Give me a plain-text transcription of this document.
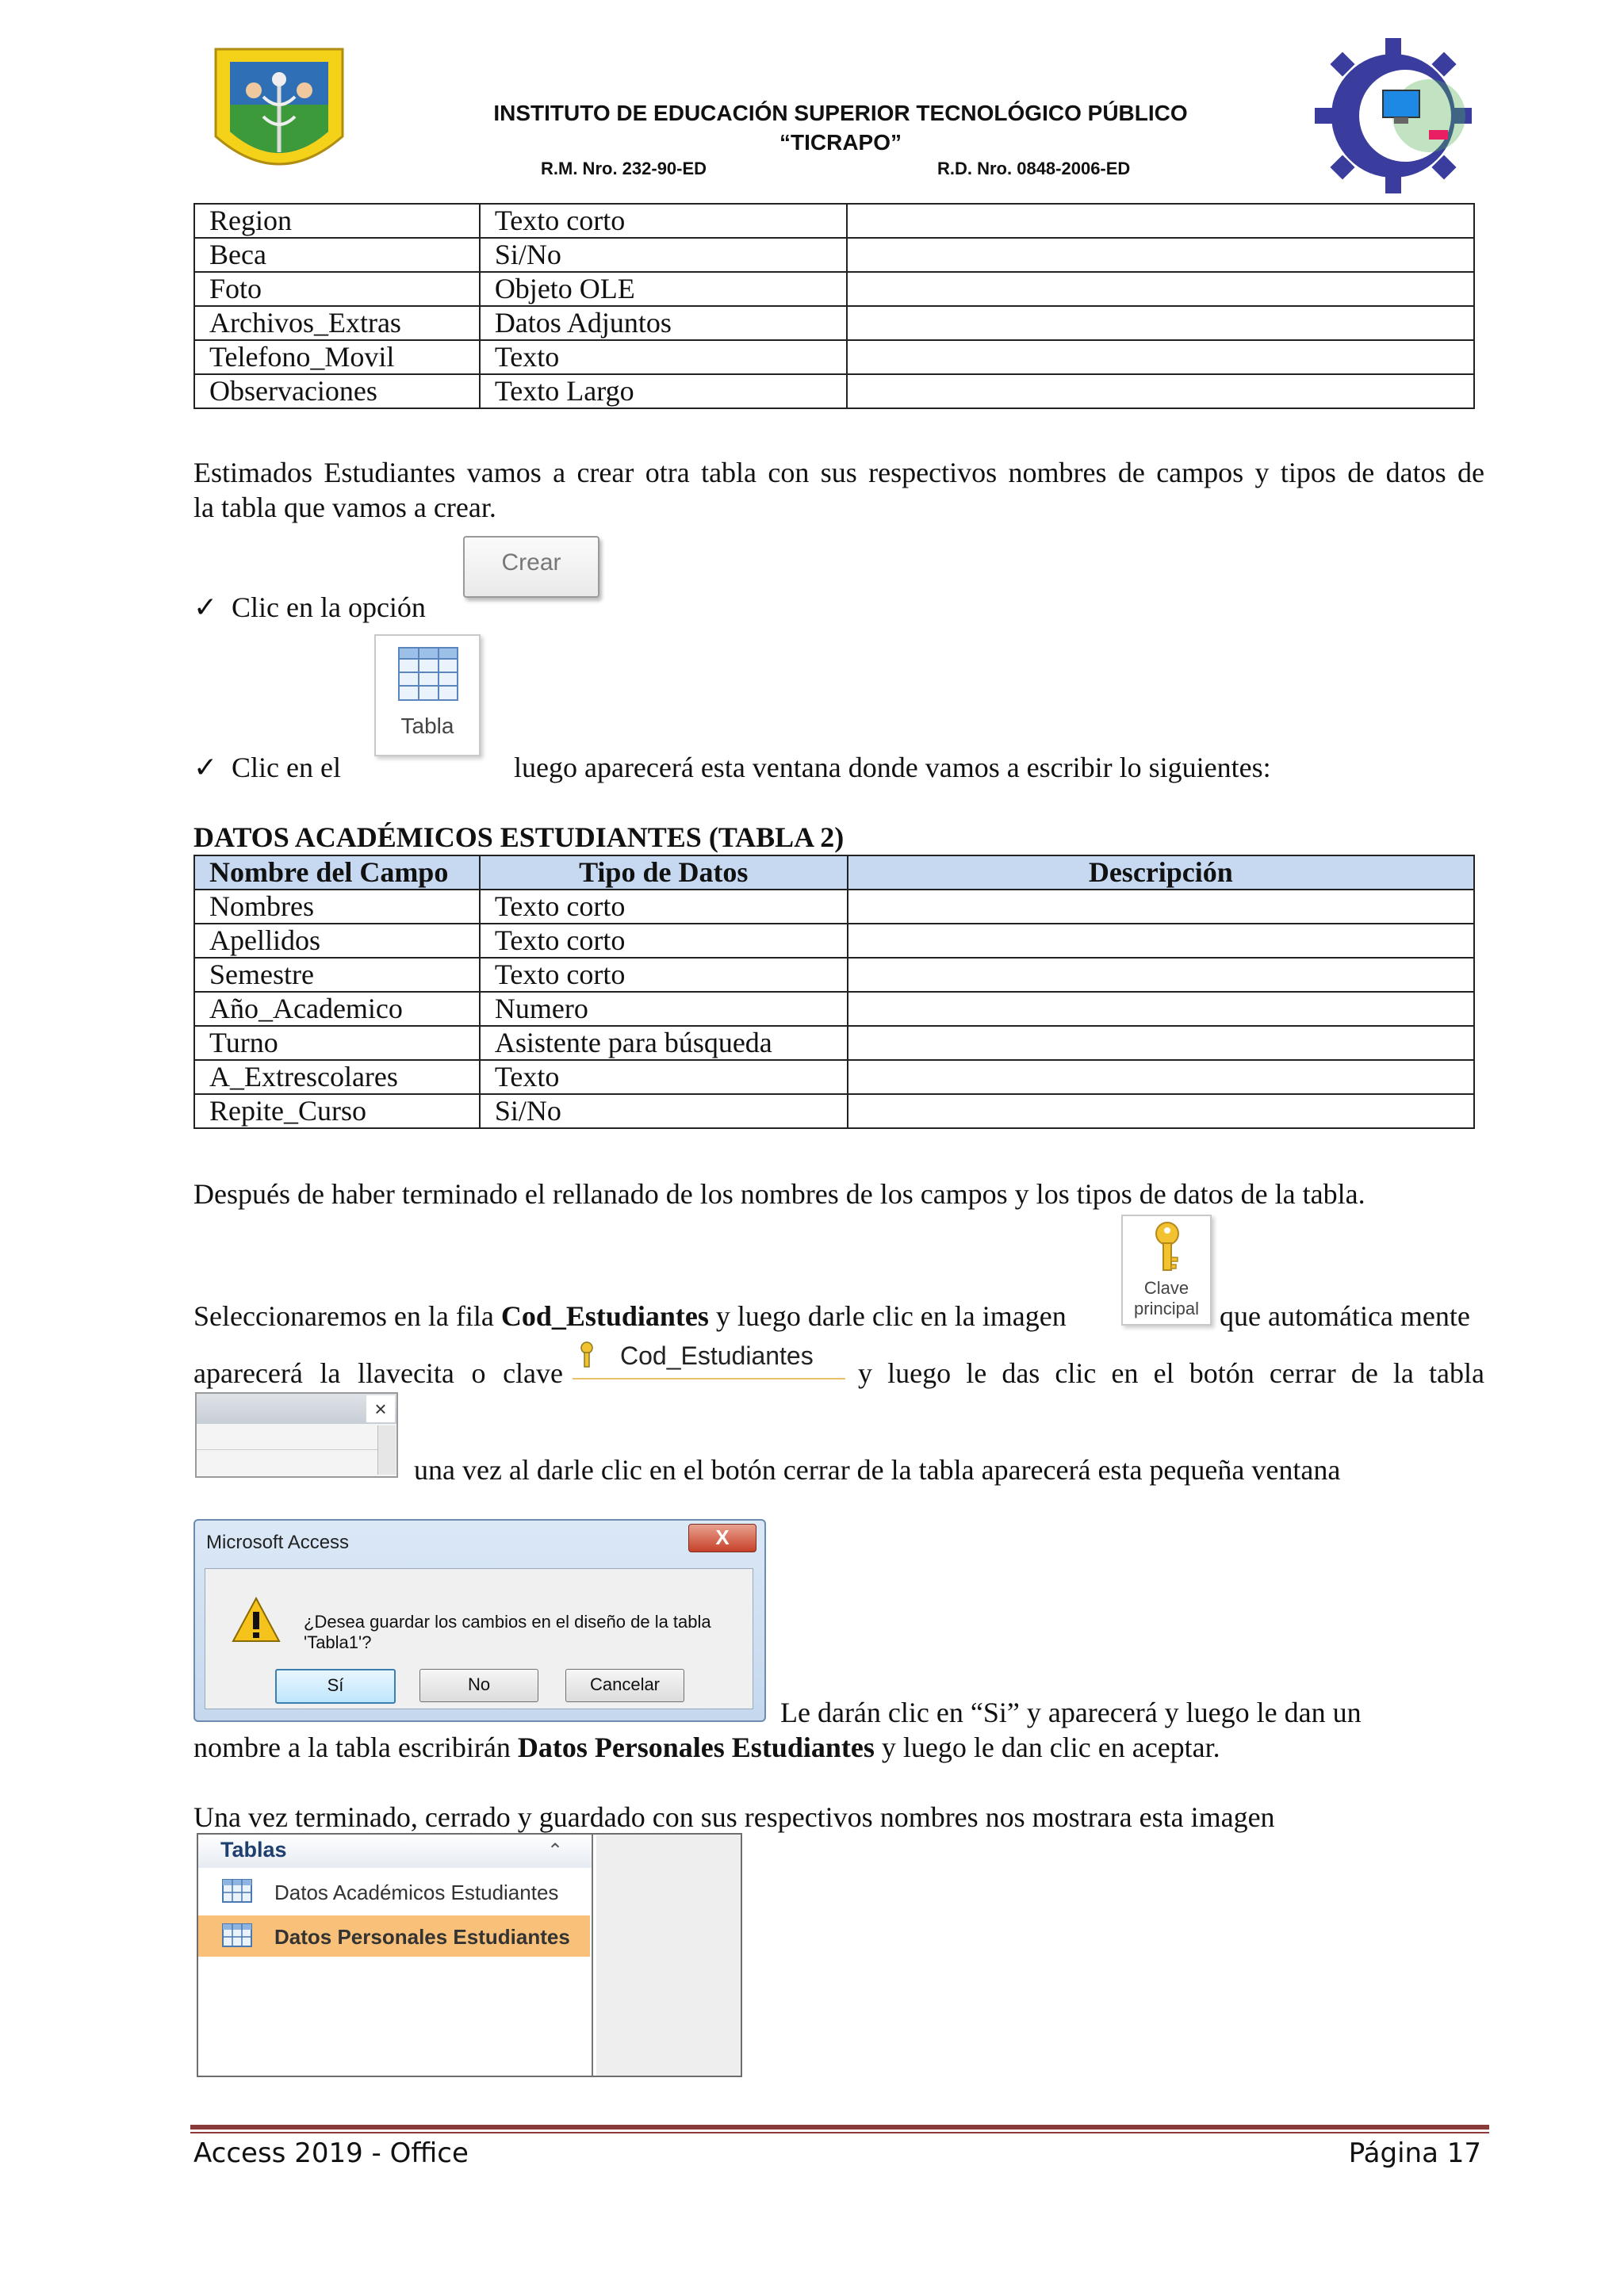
INSTITUTO DE EDUCACIÓN SUPERIOR TECNOLÓGICO PÚBLICO
“TICRAPO”
R.M. Nro. 232-90-ED	R.D. Nro. 0848-2006-ED
Region	Texto corto	
Beca	Si/No	
Foto	Objeto OLE	
Archivos_Extras	Datos Adjuntos	
Telefono_Movil	Texto	
Observaciones	Texto Largo	
Estimados Estudiantes vamos a crear otra tabla con sus respectivos nombres de campos y tipos de datos de
la tabla que vamos a crear.
✓ Clic en la opción
Crear
Tabla
✓ Clic en el	luego aparecerá esta ventana donde vamos a escribir lo siguientes:
DATOS ACADÉMICOS ESTUDIANTES (TABLA 2)
Nombre del Campo	Tipo de Datos	Descripción
Nombres	Texto corto	
Apellidos	Texto corto	
Semestre	Texto corto	
Año_Academico	Numero	
Turno	Asistente para búsqueda	
A_Extrescolares	Texto	
Repite_Curso	Si/No	
Después de haber terminado el rellanado de los nombres de los campos y los tipos de datos de la tabla.
Clave
principal
Seleccionaremos en la fila Cod_Estudiantes y luego darle clic en la imagen	que automática mente
aparecerá la llavecita o clave
Cod_Estudiantes
y luego le das clic en el botón cerrar de la tabla
×
una vez al darle clic en el botón cerrar de la tabla aparecerá esta pequeña ventana
Microsoft Access	X
¿Desea guardar los cambios en el diseño de la tabla 'Tabla1'?
Sí	No	Cancelar
Le darán clic en “Si” y aparecerá y luego le dan un
nombre a la tabla escribirán Datos Personales Estudiantes y luego le dan clic en aceptar.
Una vez terminado, cerrado y guardado con sus respectivos nombres nos mostrara esta imagen
Tablas	⌃
Datos Académicos Estudiantes
Datos Personales Estudiantes
Access 2019 - Office	Página 17
